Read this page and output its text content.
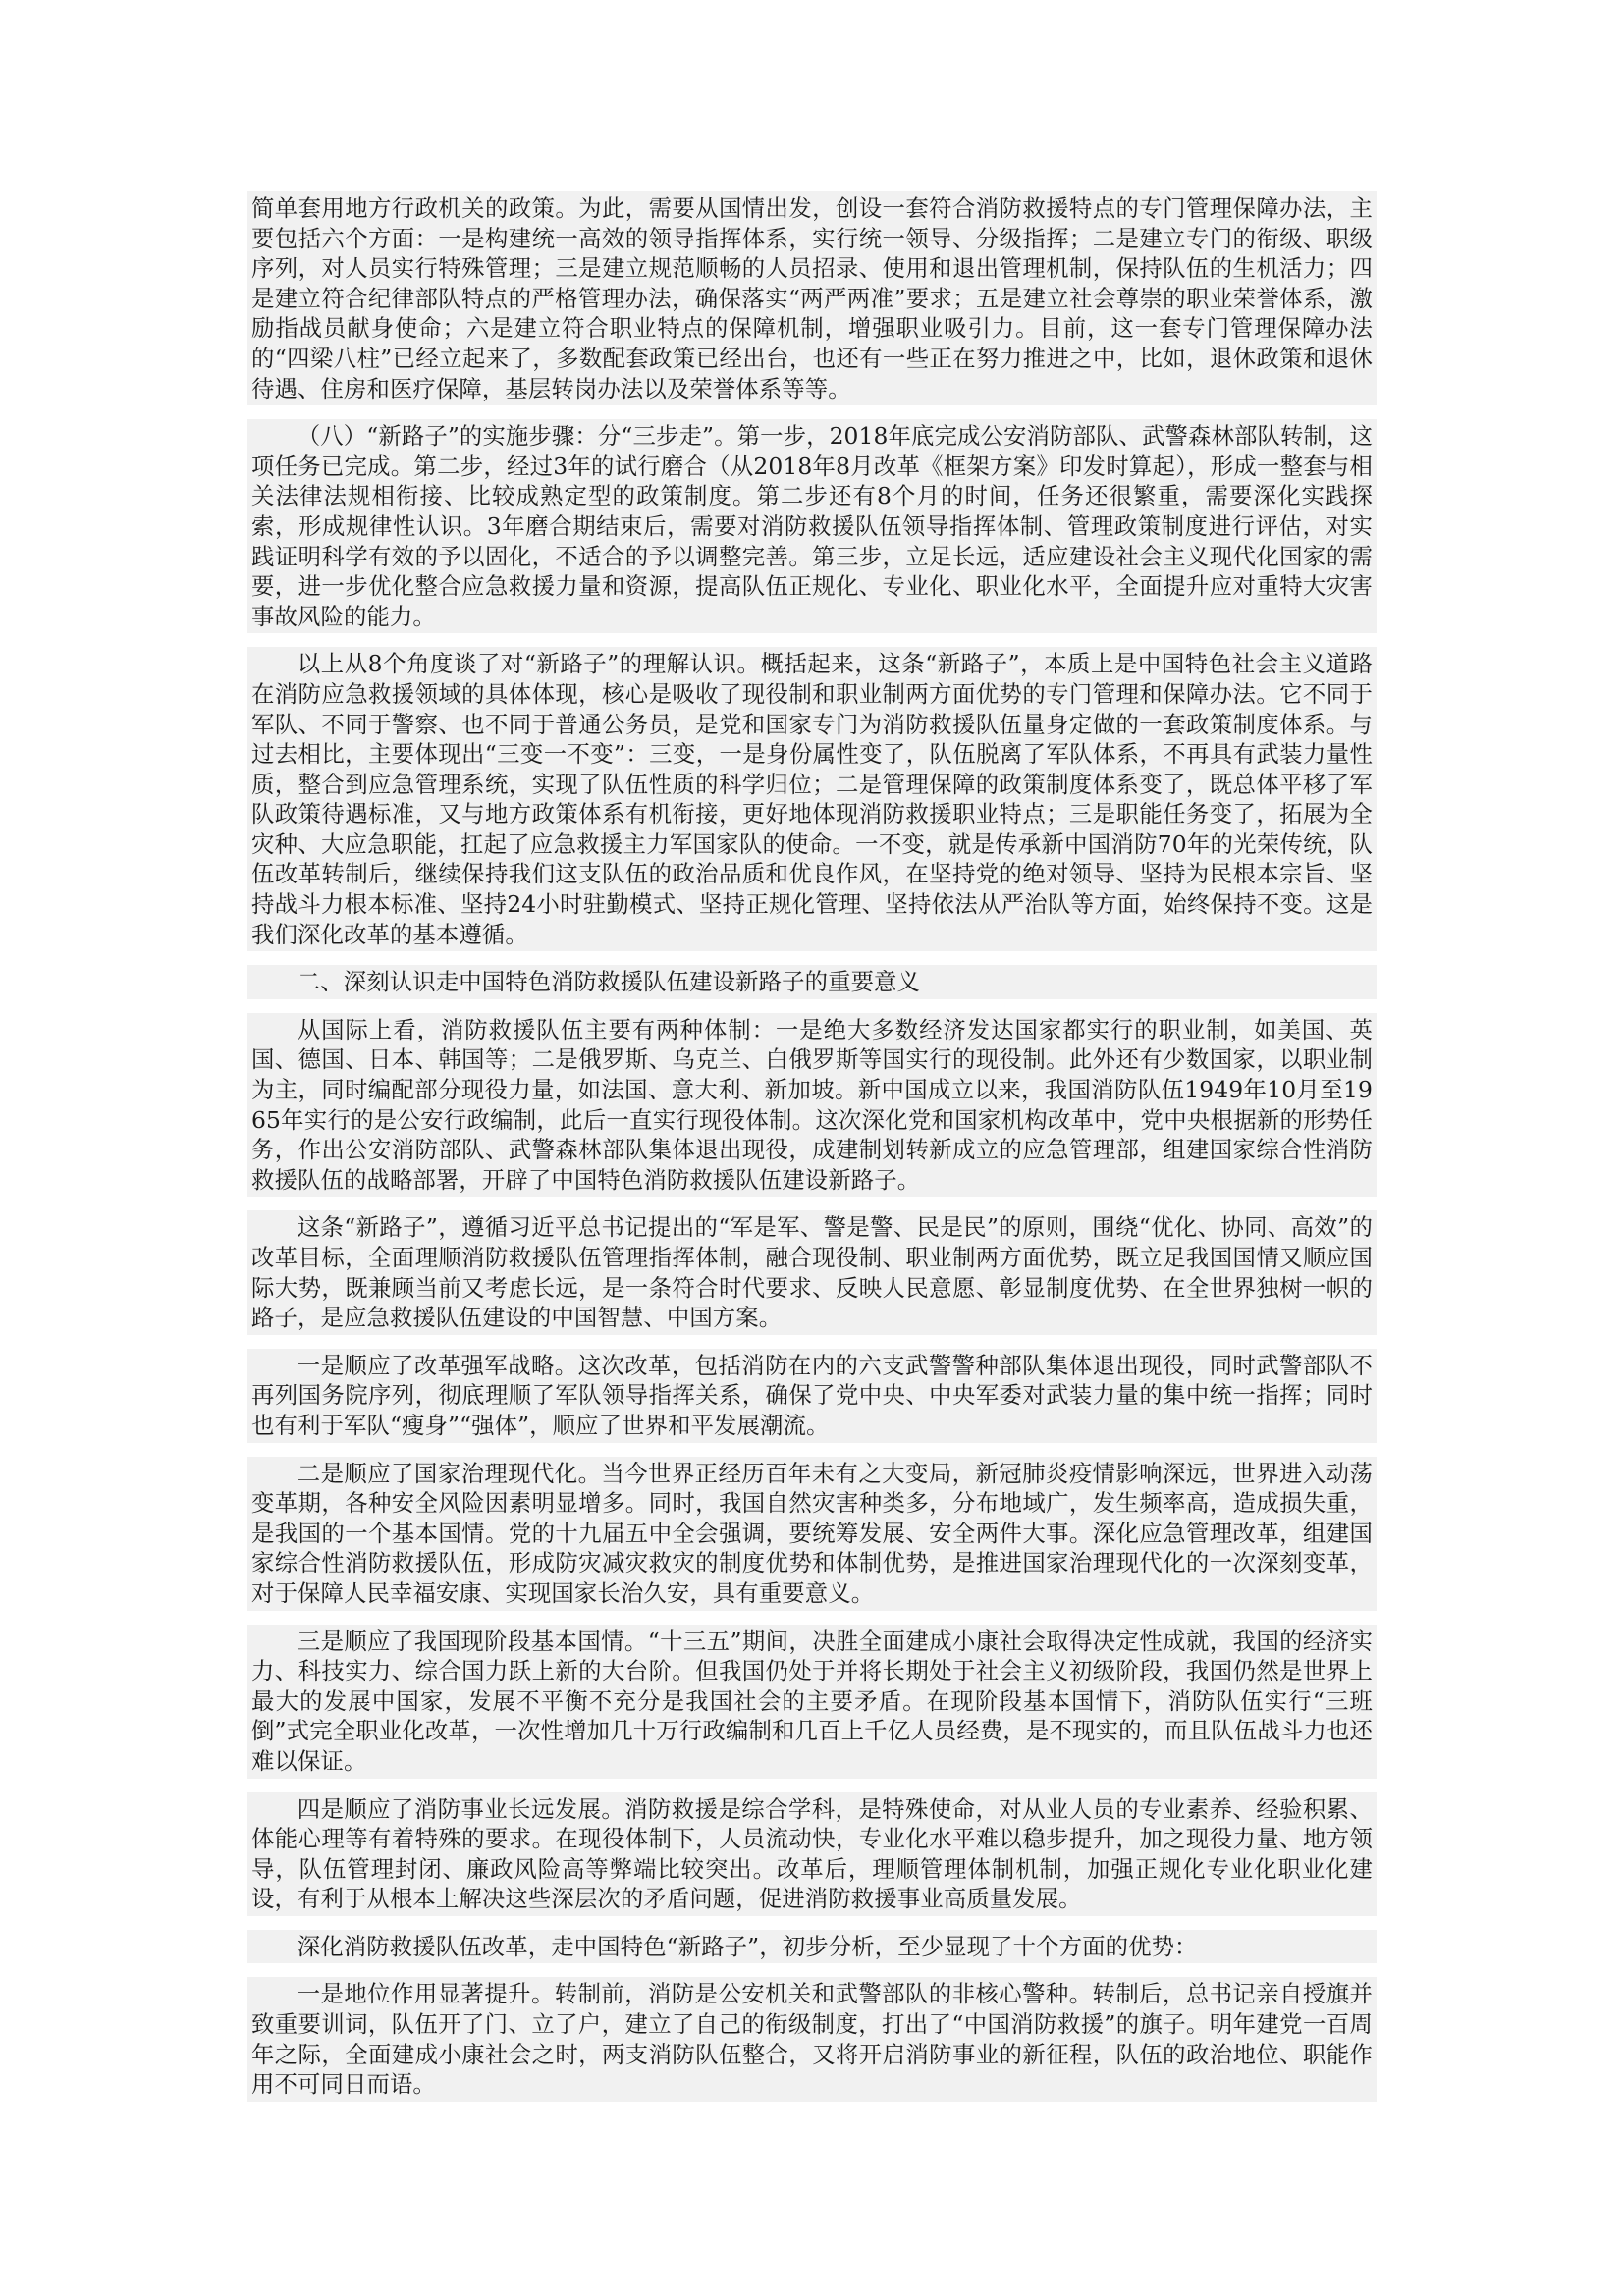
简单套用地方行政机关的政策。为此，需要从国情出发，创设一套符合消防救援特点的专门管理保障办法，主要包括六个方面：一是构建统一高效的领导指挥体系，实行统一领导、分级指挥；二是建立专门的衔级、职级序列，对人员实行特殊管理；三是建立规范顺畅的人员招录、使用和退出管理机制，保持队伍的生机活力；四是建立符合纪律部队特点的严格管理办法，确保落实“两严两准”要求；五是建立社会尊崇的职业荣誉体系，激励指战员献身使命；六是建立符合职业特点的保障机制，增强职业吸引力。目前，这一套专门管理保障办法的“四梁八柱”已经立起来了，多数配套政策已经出台，也还有一些正在努力推进之中，比如，退休政策和退休待遇、住房和医疗保障，基层转岗办法以及荣誉体系等等。

（八）“新路子”的实施步骤：分“三步走”。第一步，2018年底完成公安消防部队、武警森林部队转制，这项任务已完成。第二步，经过3年的试行磨合（从2018年8月改革《框架方案》印发时算起），形成一整套与相关法律法规相衔接、比较成熟定型的政策制度。第二步还有8个月的时间，任务还很繁重，需要深化实践探索，形成规律性认识。3年磨合期结束后，需要对消防救援队伍领导指挥体制、管理政策制度进行评估，对实践证明科学有效的予以固化，不适合的予以调整完善。第三步，立足长远，适应建设社会主义现代化国家的需要，进一步优化整合应急救援力量和资源，提高队伍正规化、专业化、职业化水平，全面提升应对重特大灾害事故风险的能力。

以上从8个角度谈了对“新路子”的理解认识。概括起来，这条“新路子”，本质上是中国特色社会主义道路在消防应急救援领域的具体体现，核心是吸收了现役制和职业制两方面优势的专门管理和保障办法。它不同于军队、不同于警察、也不同于普通公务员，是党和国家专门为消防救援队伍量身定做的一套政策制度体系。与过去相比，主要体现出“三变一不变”：三变，一是身份属性变了，队伍脱离了军队体系，不再具有武装力量性质，整合到应急管理系统，实现了队伍性质的科学归位；二是管理保障的政策制度体系变了，既总体平移了军队政策待遇标准，又与地方政策体系有机衔接，更好地体现消防救援职业特点；三是职能任务变了，拓展为全灾种、大应急职能，扛起了应急救援主力军国家队的使命。一不变，就是传承新中国消防70年的光荣传统，队伍改革转制后，继续保持我们这支队伍的政治品质和优良作风，在坚持党的绝对领导、坚持为民根本宗旨、坚持战斗力根本标准、坚持24小时驻勤模式、坚持正规化管理、坚持依法从严治队等方面，始终保持不变。这是我们深化改革的基本遵循。

二、深刻认识走中国特色消防救援队伍建设新路子的重要意义

从国际上看，消防救援队伍主要有两种体制：一是绝大多数经济发达国家都实行的职业制，如美国、英国、德国、日本、韩国等；二是俄罗斯、乌克兰、白俄罗斯等国实行的现役制。此外还有少数国家，以职业制为主，同时编配部分现役力量，如法国、意大利、新加坡。新中国成立以来，我国消防队伍1949年10月至1965年实行的是公安行政编制，此后一直实行现役体制。这次深化党和国家机构改革中，党中央根据新的形势任务，作出公安消防部队、武警森林部队集体退出现役，成建制划转新成立的应急管理部，组建国家综合性消防救援队伍的战略部署，开辟了中国特色消防救援队伍建设新路子。

这条“新路子”，遵循习近平总书记提出的“军是军、警是警、民是民”的原则，围绕“优化、协同、高效”的改革目标，全面理顺消防救援队伍管理指挥体制，融合现役制、职业制两方面优势，既立足我国国情又顺应国际大势，既兼顾当前又考虑长远，是一条符合时代要求、反映人民意愿、彰显制度优势、在全世界独树一帜的路子，是应急救援队伍建设的中国智慧、中国方案。

一是顺应了改革强军战略。这次改革，包括消防在内的六支武警警种部队集体退出现役，同时武警部队不再列国务院序列，彻底理顺了军队领导指挥关系，确保了党中央、中央军委对武装力量的集中统一指挥；同时也有利于军队“瘦身”“强体”，顺应了世界和平发展潮流。

二是顺应了国家治理现代化。当今世界正经历百年未有之大变局，新冠肺炎疫情影响深远，世界进入动荡变革期，各种安全风险因素明显增多。同时，我国自然灾害种类多，分布地域广，发生频率高，造成损失重，是我国的一个基本国情。党的十九届五中全会强调，要统筹发展、安全两件大事。深化应急管理改革，组建国家综合性消防救援队伍，形成防灾减灾救灾的制度优势和体制优势，是推进国家治理现代化的一次深刻变革，对于保障人民幸福安康、实现国家长治久安，具有重要意义。

三是顺应了我国现阶段基本国情。“十三五”期间，决胜全面建成小康社会取得决定性成就，我国的经济实力、科技实力、综合国力跃上新的大台阶。但我国仍处于并将长期处于社会主义初级阶段，我国仍然是世界上最大的发展中国家，发展不平衡不充分是我国社会的主要矛盾。在现阶段基本国情下，消防队伍实行“三班倒”式完全职业化改革，一次性增加几十万行政编制和几百上千亿人员经费，是不现实的，而且队伍战斗力也还难以保证。

四是顺应了消防事业长远发展。消防救援是综合学科，是特殊使命，对从业人员的专业素养、经验积累、体能心理等有着特殊的要求。在现役体制下，人员流动快，专业化水平难以稳步提升，加之现役力量、地方领导，队伍管理封闭、廉政风险高等弊端比较突出。改革后，理顺管理体制机制，加强正规化专业化职业化建设，有利于从根本上解决这些深层次的矛盾问题，促进消防救援事业高质量发展。

深化消防救援队伍改革，走中国特色“新路子”，初步分析，至少显现了十个方面的优势：

一是地位作用显著提升。转制前，消防是公安机关和武警部队的非核心警种。转制后，总书记亲自授旗并致重要训词，队伍开了门、立了户，建立了自己的衔级制度，打出了“中国消防救援”的旗子。明年建党一百周年之际，全面建成小康社会之时，两支消防队伍整合，又将开启消防事业的新征程，队伍的政治地位、职能作用不可同日而语。
